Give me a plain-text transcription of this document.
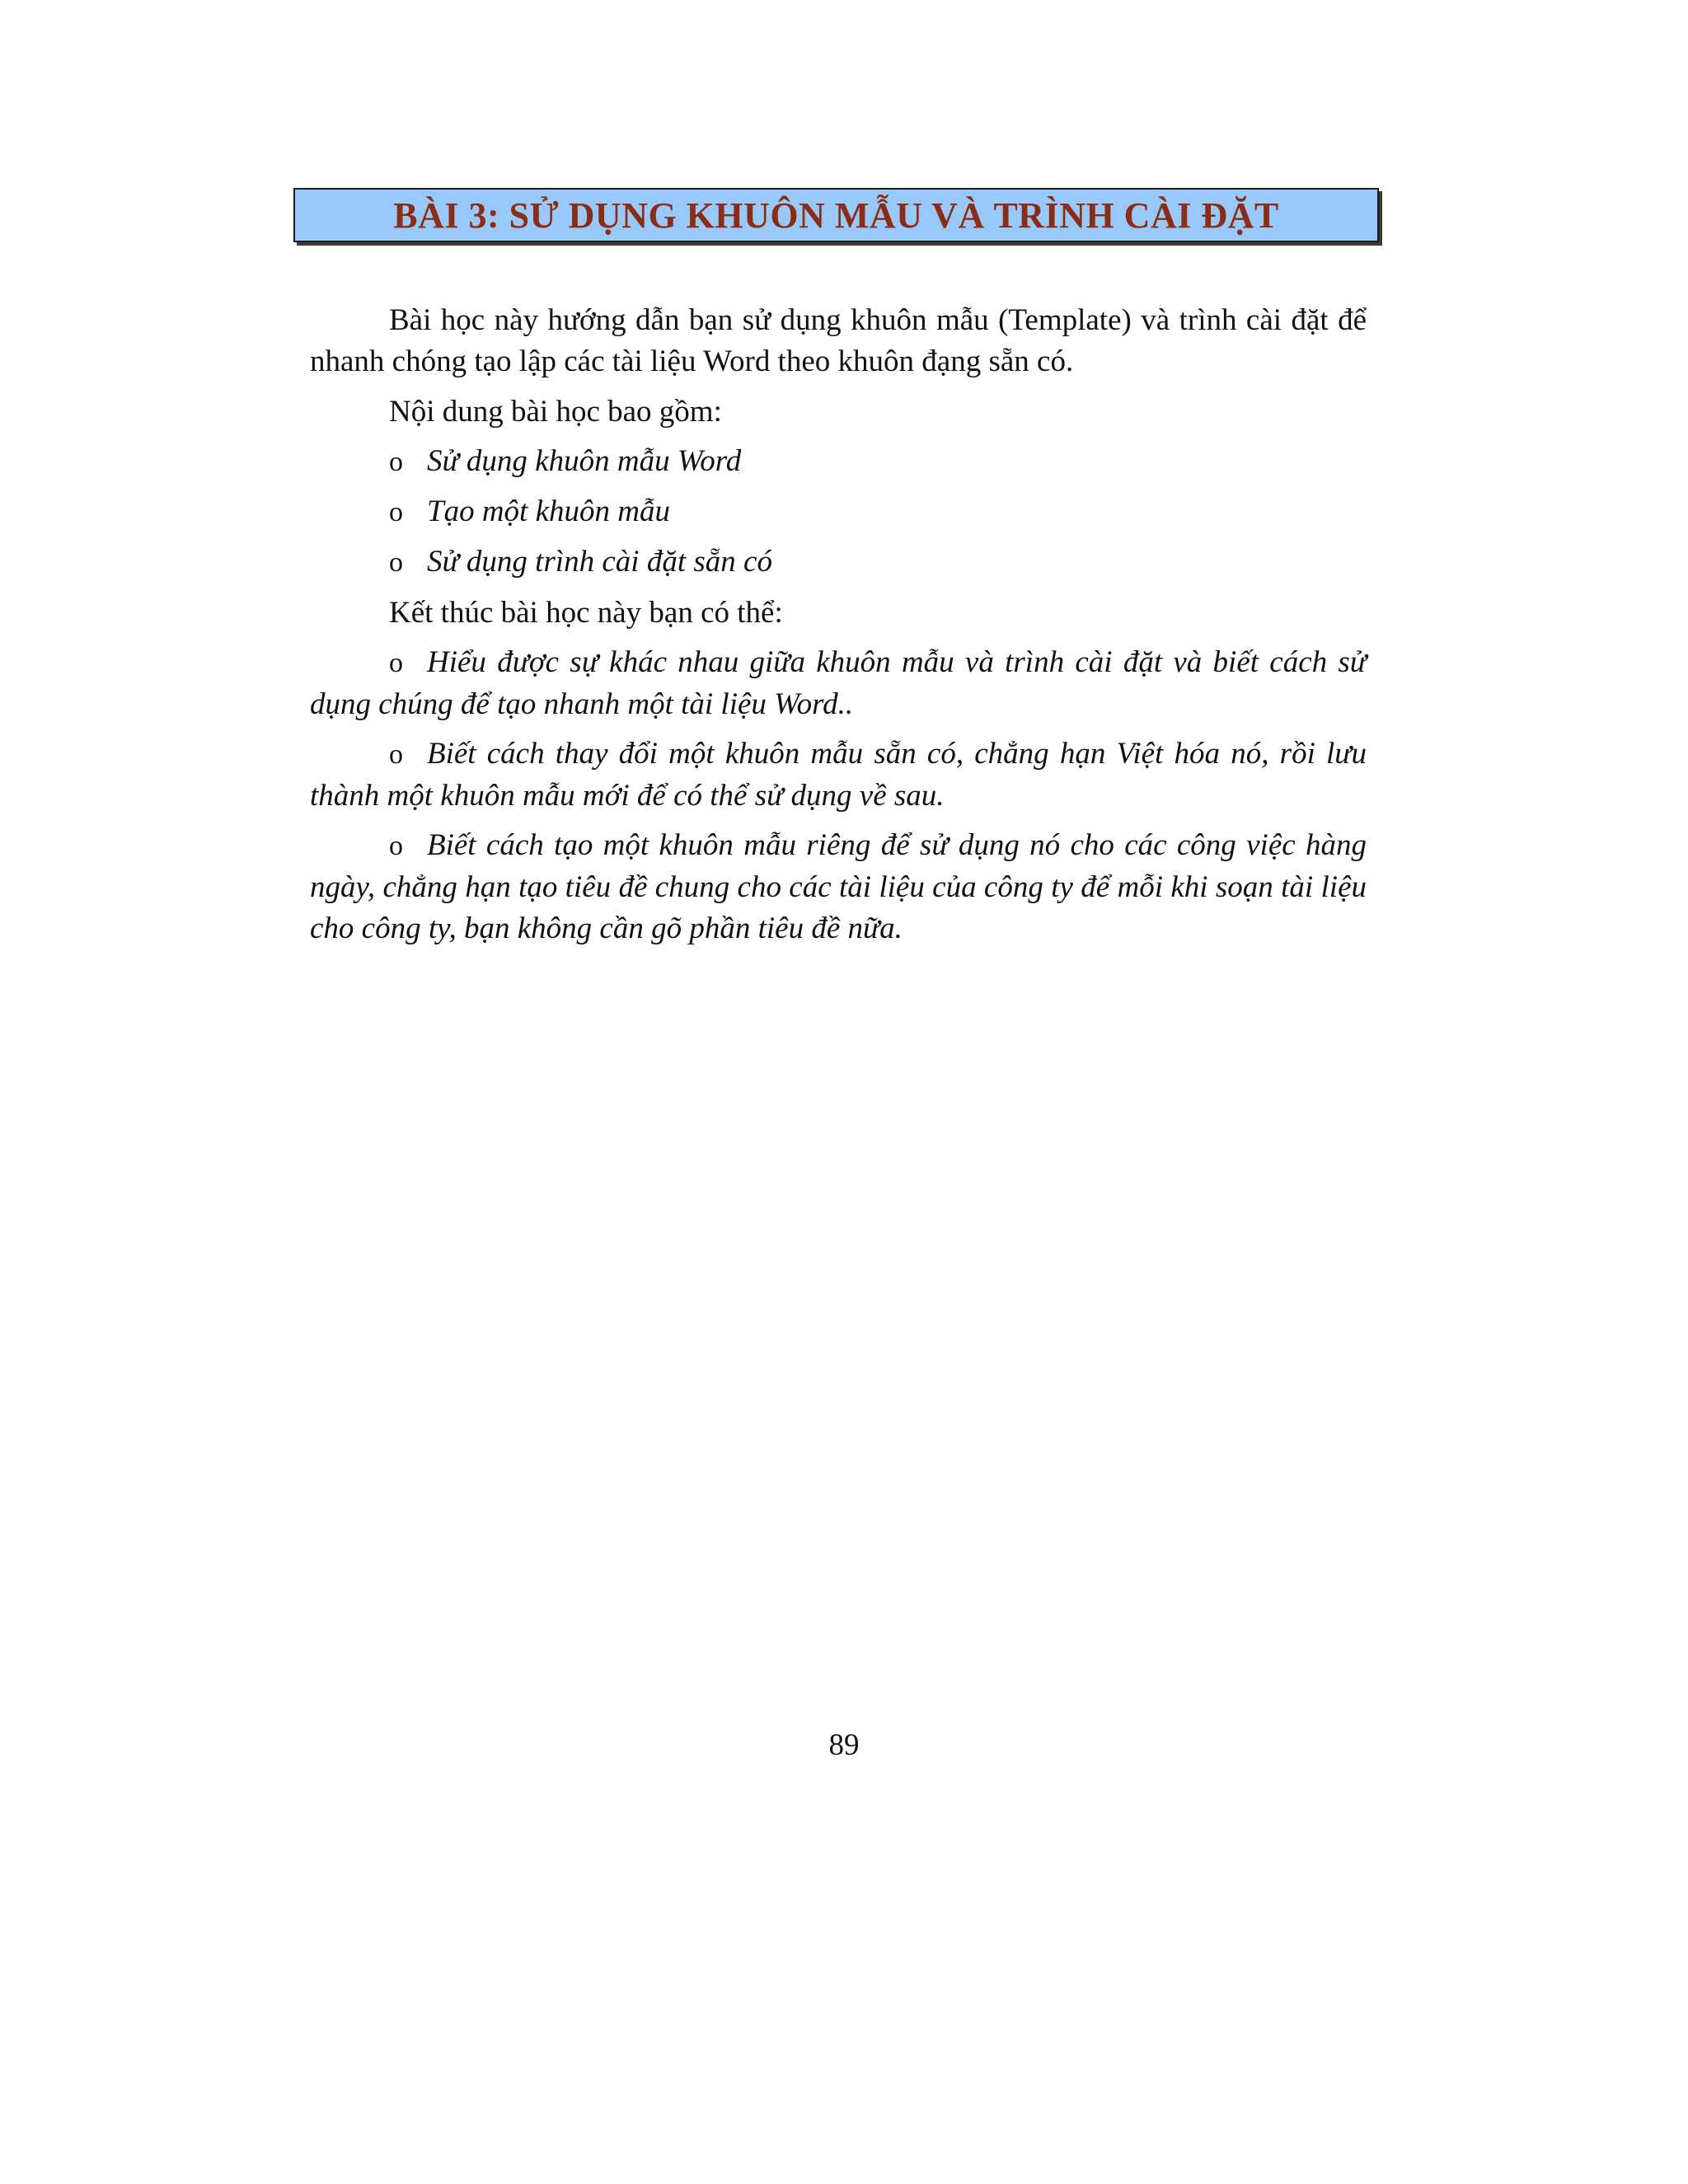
BÀI 3: SỬ DỤNG KHUÔN MẪU VÀ TRÌNH CÀI ĐẶT

Bài học này hướng dẫn bạn sử dụng khuôn mẫu (Template) và trình cài đặt để nhanh chóng tạo lập các tài liệu Word theo khuôn đạng sẵn có.

Nội dung bài học bao gồm:

o Sử dụng khuôn mẫu Word
o Tạo một khuôn mẫu
o Sử dụng trình cài đặt sẵn có

Kết thúc bài học này bạn có thể:

o Hiểu được sự khác nhau giữa khuôn mẫu và trình cài đặt và biết cách sử dụng chúng để tạo nhanh một tài liệu Word..

o Biết cách thay đổi một khuôn mẫu sẵn có, chẳng hạn Việt hóa nó, rồi lưu thành một khuôn mẫu mới để có thể sử dụng về sau.

o Biết cách tạo một khuôn mẫu riêng để sử dụng nó cho các công việc hàng ngày, chẳng hạn tạo tiêu đề chung cho các tài liệu của công ty để mỗi khi soạn tài liệu cho công ty, bạn không cần gõ phần tiêu đề nữa.

89
